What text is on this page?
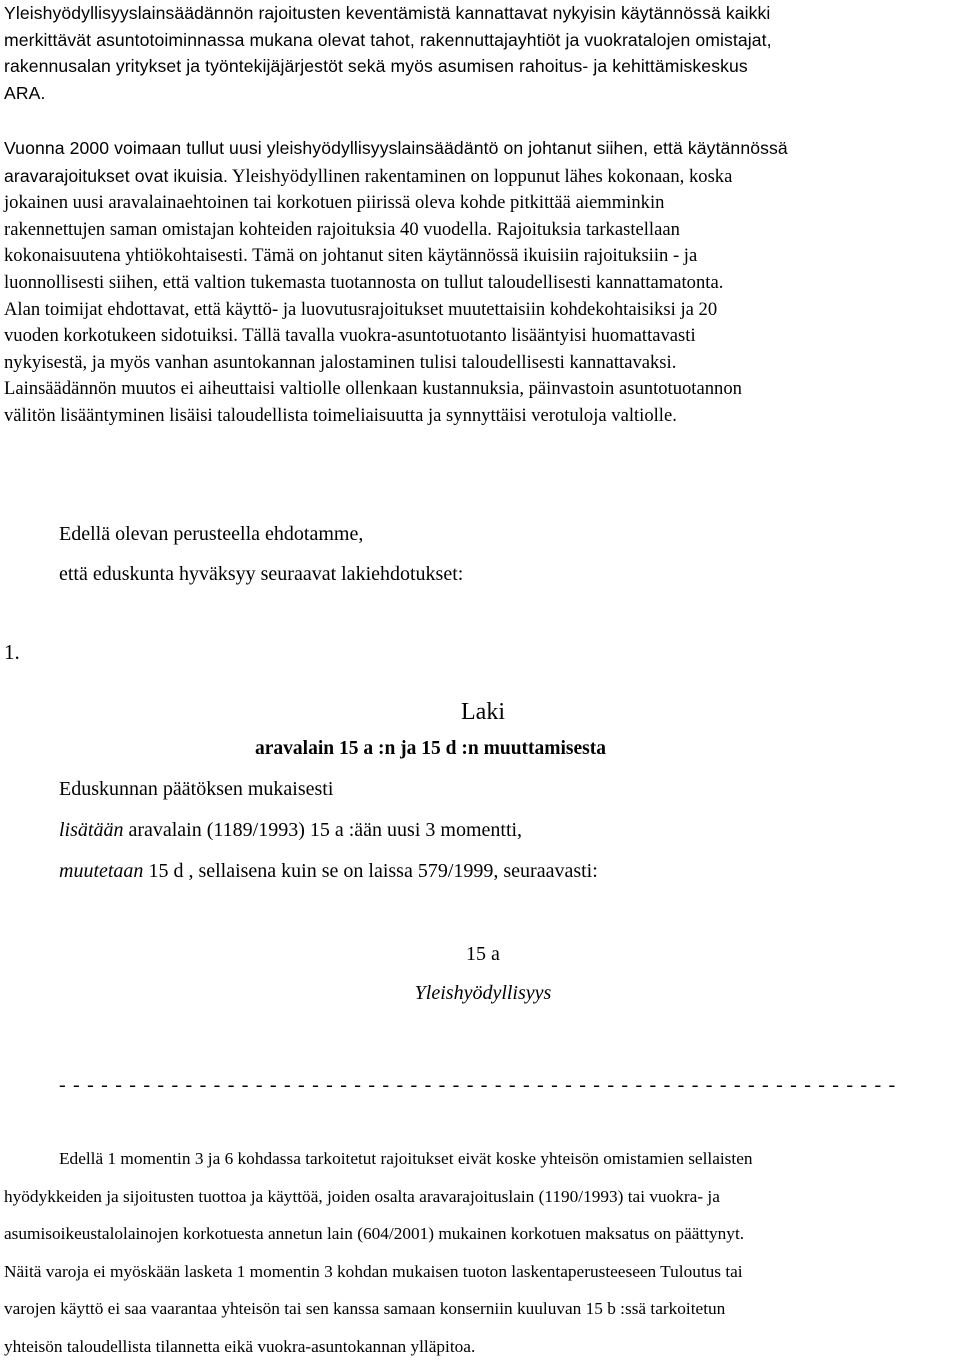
Yleishyödyllisyyslainsäädännön rajoitusten keventämistä kannattavat nykyisin käytännössä kaikki
merkittävät asuntotoiminnassa mukana olevat tahot, rakennuttajayhtiöt ja vuokratalojen omistajat,
rakennusalan yritykset ja työntekijäjärjestöt sekä myös asumisen rahoitus- ja kehittämiskeskus
ARA.

Vuonna 2000 voimaan tullut uusi yleishyödyllisyyslainsäädäntö on johtanut siihen, että käytännössä
aravarajoitukset ovat ikuisia. Yleishyödyllinen rakentaminen on loppunut lähes kokonaan, koska
jokainen uusi aravalainaehtoinen tai korkotuen piirissä oleva kohde pitkittää aiemminkin
rakennettujen saman omistajan kohteiden rajoituksia 40 vuodella. Rajoituksia tarkastellaan
kokonaisuutena yhtiökohtaisesti. Tämä on johtanut siten käytännössä ikuisiin rajoituksiin - ja
luonnollisesti siihen, että valtion tukemasta tuotannosta on tullut taloudellisesti kannattamatonta.
Alan toimijat ehdottavat, että käyttö- ja luovutusrajoitukset muutettaisiin kohdekohtaisiksi ja 20
vuoden korkotukeen sidotuiksi. Tällä tavalla vuokra-asuntotuotanto lisääntyisi huomattavasti
nykyisestä, ja myös vanhan asuntokannan jalostaminen tulisi taloudellisesti kannattavaksi.
Lainsäädännön muutos ei aiheuttaisi valtiolle ollenkaan kustannuksia, päinvastoin asuntotuotannon
välitön lisääntyminen lisäisi taloudellista toimeliaisuutta ja synnyttäisi verotuloja valtiolle.

Edellä olevan perusteella ehdotamme,

että eduskunta hyväksyy seuraavat lakiehdotukset:

1.

Laki

aravalain 15 a :n ja 15 d :n muuttamisesta

Eduskunnan päätöksen mukaisesti

lisätään aravalain (1189/1993) 15 a :ään uusi 3 momentti,

muutetaan 15 d , sellaisena kuin se on laissa 579/1999, seuraavasti:

15 a

Yleishyödyllisyys

- - - - - - - - - - - - - - - - - - - - - - - - - - - - - - - - - - - - - - - - - - - - - - - - - - - - - - - - - - - -

Edellä 1 momentin 3 ja 6 kohdassa tarkoitetut rajoitukset eivät koske yhteisön omistamien sellaisten
hyödykkeiden ja sijoitusten tuottoa ja käyttöä, joiden osalta aravarajoituslain (1190/1993) tai vuokra- ja
asumisoikeustalolainojen korkotuesta annetun lain (604/2001) mukainen korkotuen maksatus on päättynyt.
Näitä varoja ei myöskään lasketa 1 momentin 3 kohdan mukaisen tuoton laskentaperusteeseen Tuloutus tai
varojen käyttö ei saa vaarantaa yhteisön tai sen kanssa samaan konserniin kuuluvan 15 b :ssä tarkoitetun
yhteisön taloudellista tilannetta eikä vuokra-asuntokannan ylläpitoa.
